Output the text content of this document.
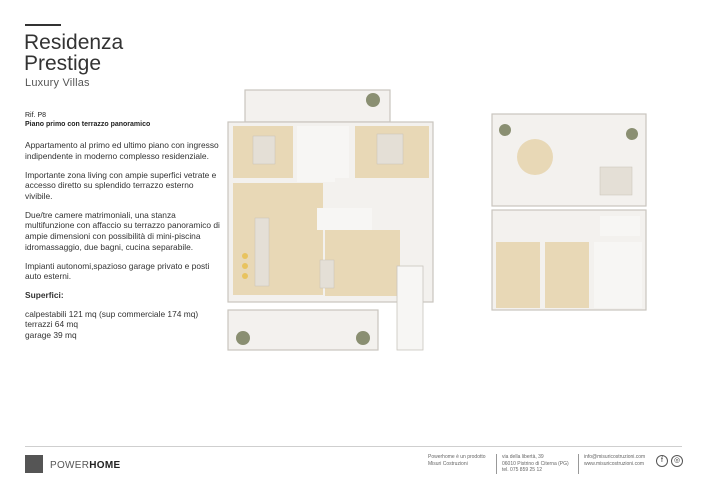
Residenza
Prestige
Luxury Villas
Rif. P8
Piano primo con terrazzo panoramico

Appartamento al primo ed ultimo piano con ingresso indipendente in moderno complesso residenziale.

Importante zona living con ampie superfici vetrate e accesso diretto su splendido terrazzo esterno vivibile.

Due/tre camere matrimoniali, una stanza multifunzione con affaccio su terrazzo panoramico di ampie dimensioni con possibilità di mini-piscina idromassaggio, due bagni, cucina separabile.

Impianti autonomi,spazioso garage privato e posti auto esterni.

Superfici:
calpestabili 121 mq (sup commerciale 174 mq)
terrazzi 64 mq
garage 39 mq
POWERHOME
Powerhome è un prodotto
Misuri Costruzioni
via della libertà, 39
06010 Pistrino di Citerna (PG)
tel. 075 859 25 12
info@misuricostruzioni.com
www.misuricostruzioni.com	f	◎
